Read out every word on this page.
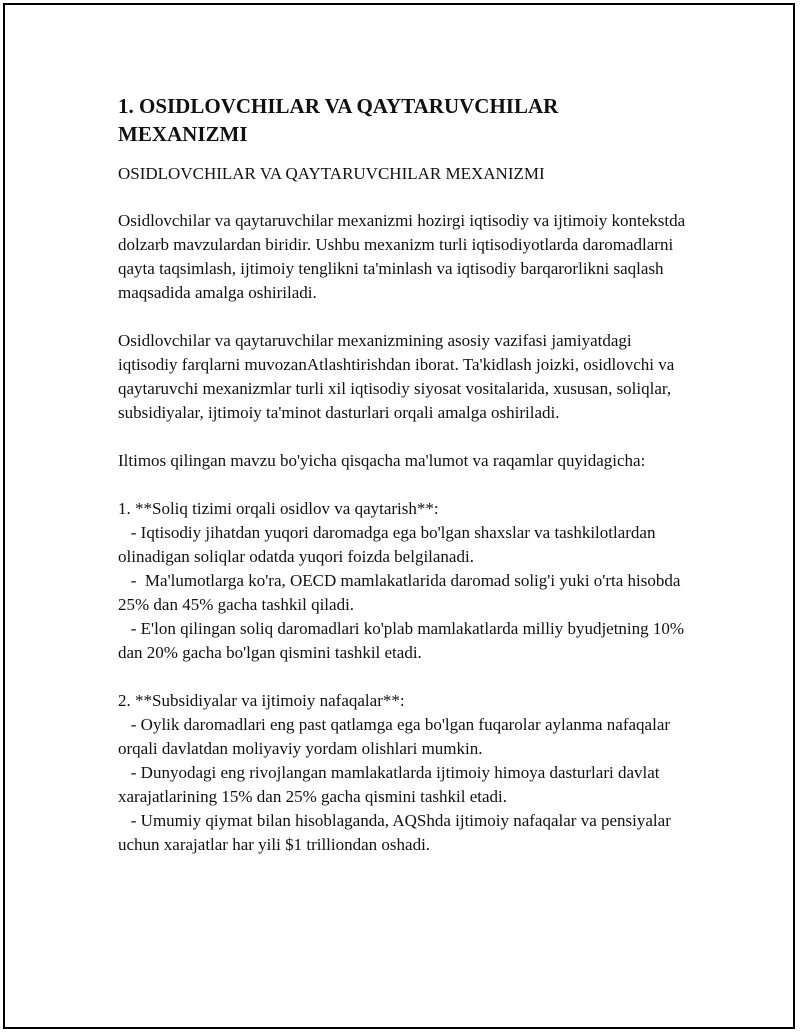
1. OSIDLOVCHILAR VA QAYTARUVCHILAR MEXANIZMI
OSIDLOVCHILAR VA QAYTARUVCHILAR MEXANIZMI

Osidlovchilar va qaytaruvchilar mexanizmi hozirgi iqtisodiy va ijtimoiy kontekstda dolzarb mavzulardan biridir. Ushbu mexanizm turli iqtisodiyotlarda daromadlarni qayta taqsimlash, ijtimoiy tenglikni ta'minlash va iqtisodiy barqarorlikni saqlash maqsadida amalga oshiriladi.

Osidlovchilar va qaytaruvchilar mexanizmining asosiy vazifasi jamiyatdagi iqtisodiy farqlarni muvozanAtlashtirishdan iborat. Ta'kidlash joizki, osidlovchi va qaytaruvchi mexanizmlar turli xil iqtisodiy siyosat vositalarida, xususan, soliqlar, subsidiyalar, ijtimoiy ta'minot dasturlari orqali amalga oshiriladi.

Iltimos qilingan mavzu bo'yicha qisqacha ma'lumot va raqamlar quyidagicha:

1. **Soliq tizimi orqali osidlov va qaytarish**:

- Iqtisodiy jihatdan yuqori daromadga ega bo'lgan shaxslar va tashkilotlardan olinadigan soliqlar odatda yuqori foizda belgilanadi.

-  Ma'lumotlarga ko'ra, OECD mamlakatlarida daromad solig'i yuki o'rta hisobda 25% dan 45% gacha tashkil qiladi.

- E'lon qilingan soliq daromadlari ko'plab mamlakatlarda milliy byudjetning 10% dan 20% gacha bo'lgan qismini tashkil etadi.

2. **Subsidiyalar va ijtimoiy nafaqalar**:

- Oylik daromadlari eng past qatlamga ega bo'lgan fuqarolar aylanma nafaqalar orqali davlatdan moliyaviy yordam olishlari mumkin.

- Dunyodagi eng rivojlangan mamlakatlarda ijtimoiy himoya dasturlari davlat xarajatlarining 15% dan 25% gacha qismini tashkil etadi.

- Umumiy qiymat bilan hisoblaganda, AQShda ijtimoiy nafaqalar va pensiyalar uchun xarajatlar har yili $1 trilliondan oshadi.
